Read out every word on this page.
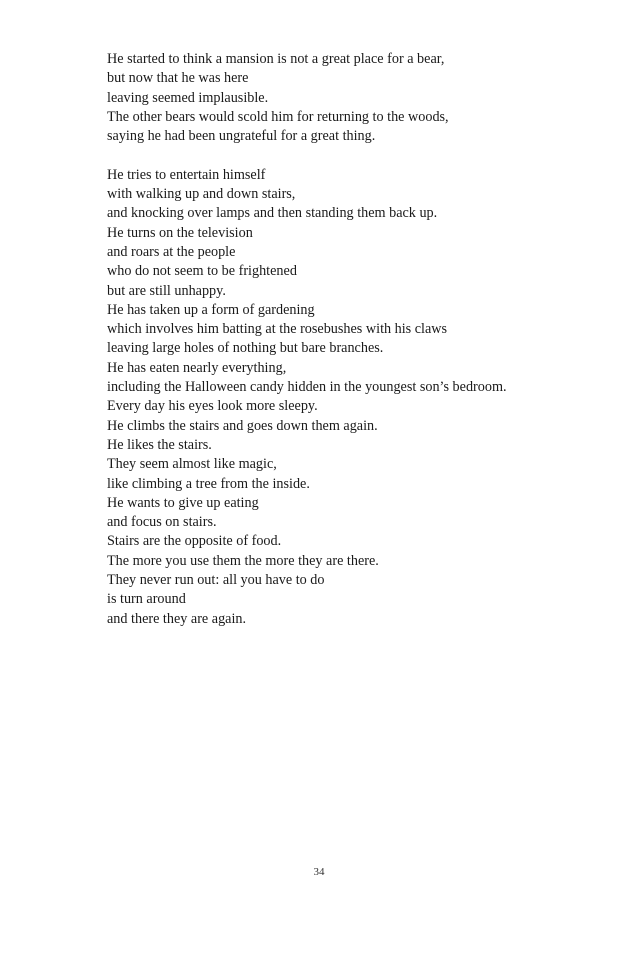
He started to think a mansion is not a great place for a bear,
but now that he was here
leaving seemed implausible.
The other bears would scold him for returning to the woods,
saying he had been ungrateful for a great thing.

He tries to entertain himself
with walking up and down stairs,
and knocking over lamps and then standing them back up.
He turns on the television
and roars at the people
who do not seem to be frightened
but are still unhappy.
He has taken up a form of gardening
which involves him batting at the rosebushes with his claws
leaving large holes of nothing but bare branches.
He has eaten nearly everything,
including the Halloween candy hidden in the youngest son’s bedroom.
Every day his eyes look more sleepy.
He climbs the stairs and goes down them again.
He likes the stairs.
They seem almost like magic,
like climbing a tree from the inside.
He wants to give up eating
and focus on stairs.
Stairs are the opposite of food.
The more you use them the more they are there.
They never run out: all you have to do
is turn around
and there they are again.

34
